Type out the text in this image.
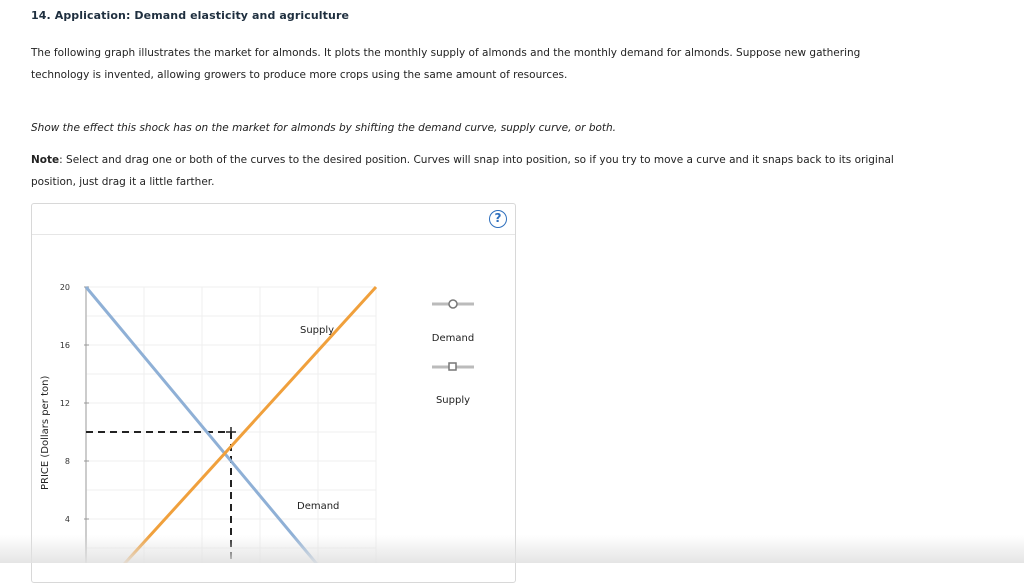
14. Application: Demand elasticity and agriculture
The following graph illustrates the market for almonds. It plots the monthly supply of almonds and the monthly demand for almonds. Suppose new gathering technology is invented, allowing growers to produce more crops using the same amount of resources.
Show the effect this shock has on the market for almonds by shifting the demand curve, supply curve, or both.
Note: Select and drag one or both of the curves to the desired position. Curves will snap into position, so if you try to move a curve and it snaps back to its original position, just drag it a little farther.
?
20
16
12
8
4
PRICE (Dollars per ton)
Supply
Demand
Demand
Supply
